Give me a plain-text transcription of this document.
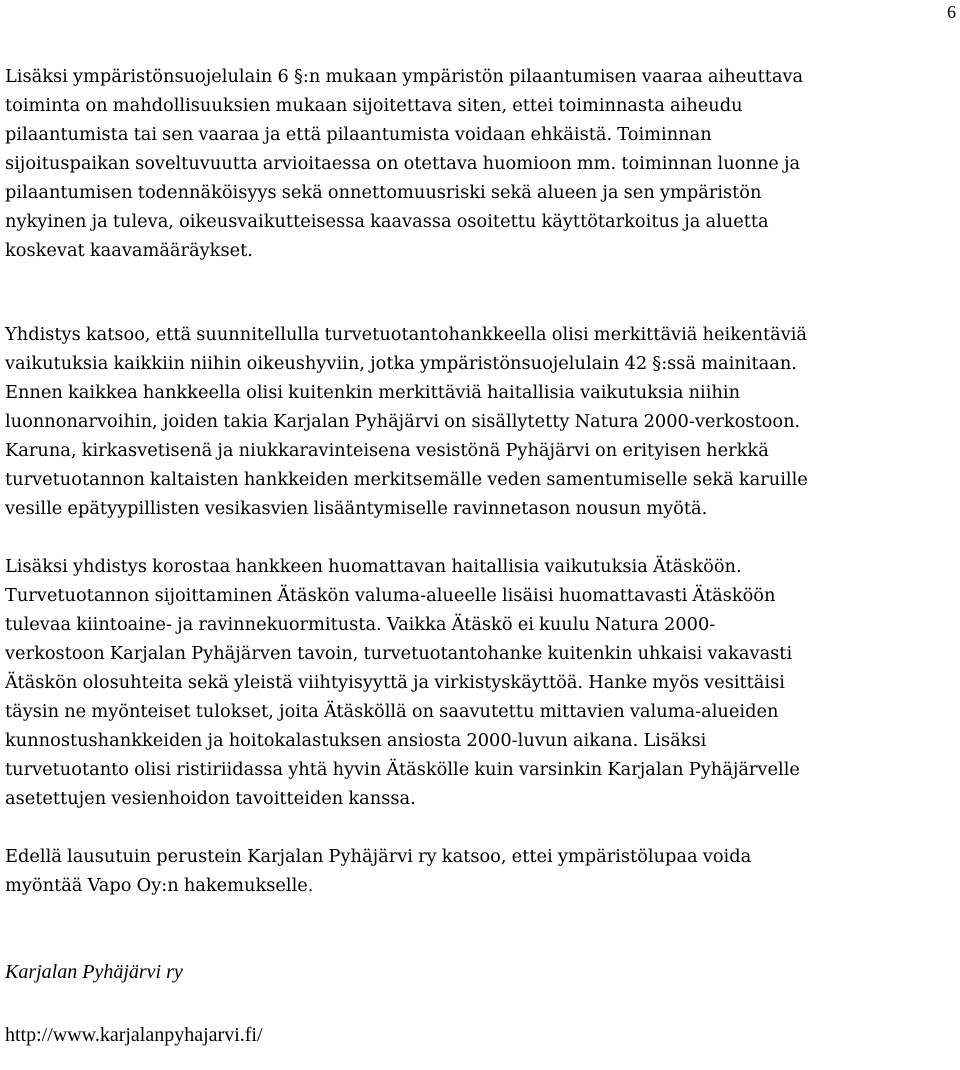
6

Lisäksi ympäristönsuojelulain 6 §:n mukaan ympäristön pilaantumisen vaaraa aiheuttava
toiminta on mahdollisuuksien mukaan sijoitettava siten, ettei toiminnasta aiheudu
pilaantumista tai sen vaaraa ja että pilaantumista voidaan ehkäistä. Toiminnan
sijoituspaikan soveltuvuutta arvioitaessa on otettava huomioon mm. toiminnan luonne ja
pilaantumisen todennäköisyys sekä onnettomuusriski sekä alueen ja sen ympäristön
nykyinen ja tuleva, oikeusvaikutteisessa kaavassa osoitettu käyttötarkoitus ja aluetta
koskevat kaavamääräykset.

Yhdistys katsoo, että suunnitellulla turvetuotantohankkeella olisi merkittäviä heikentäviä
vaikutuksia kaikkiin niihin oikeushyviin, jotka ympäristönsuojelulain 42 §:ssä mainitaan.
Ennen kaikkea hankkeella olisi kuitenkin merkittäviä haitallisia vaikutuksia niihin
luonnonarvoihin, joiden takia Karjalan Pyhäjärvi on sisällytetty Natura 2000-verkostoon.
Karuna, kirkasvetisenä ja niukkaravinteisena vesistönä Pyhäjärvi on erityisen herkkä
turvetuotannon kaltaisten hankkeiden merkitsemälle veden samentumiselle sekä karuille
vesille epätyypillisten vesikasvien lisääntymiselle ravinnetason nousun myötä.

Lisäksi yhdistys korostaa hankkeen huomattavan haitallisia vaikutuksia Ätäsköön.
Turvetuotannon sijoittaminen Ätäskön valuma-alueelle lisäisi huomattavasti Ätäsköön
tulevaa kiintoaine- ja ravinnekuormitusta. Vaikka Ätäskö ei kuulu Natura 2000-
verkostoon Karjalan Pyhäjärven tavoin, turvetuotantohanke kuitenkin uhkaisi vakavasti
Ätäskön olosuhteita sekä yleistä viihtyisyyttä ja virkistyskäyttöä. Hanke myös vesittäisi
täysin ne myönteiset tulokset, joita Ätäsköllä on saavutettu mittavien valuma-alueiden
kunnostushankkeiden ja hoitokalastuksen ansiosta 2000-luvun aikana. Lisäksi
turvetuotanto olisi ristiriidassa yhtä hyvin Ätäskölle kuin varsinkin Karjalan Pyhäjärvelle
asetettujen vesienhoidon tavoitteiden kanssa.

Edellä lausutuin perustein Karjalan Pyhäjärvi ry katsoo, ettei ympäristölupaa voida
myöntää Vapo Oy:n hakemukselle.

Karjalan Pyhäjärvi ry
http://www.karjalanpyhajarvi.fi/
